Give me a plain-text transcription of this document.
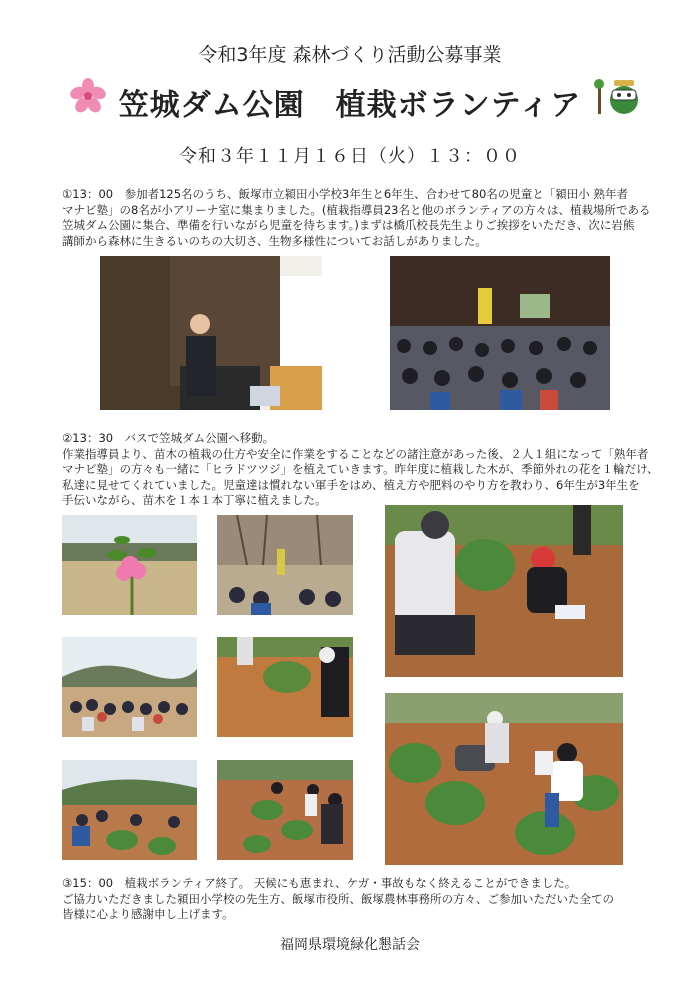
令和3年度 森林づくり活動公募事業
笠城ダム公園　植栽ボランティア
令和３年１１月１６日（火）１３：００
①13：00　参加者125名のうち、飯塚市立潁田小学校3年生と6年生、合わせて80名の児童と「潁田小 熟年者
マナビ塾」の8名が小アリーナ室に集まりました。(植栽指導員23名と他のボランティアの方々は、植栽場所である
笠城ダム公園に集合、準備を行いながら児童を待ちます。)まずは橋爪校長先生よりご挨拶をいただき、次に岩熊
講師から森林に生きるいのちの大切さ、生物多様性についてお話しがありました。
②13：30　バスで笠城ダム公園へ移動。
作業指導員より、苗木の植栽の仕方や安全に作業をすることなどの諸注意があった後、２人１組になって「熟年者
マナビ塾」の方々も一緒に「ヒラドツツジ」を植えていきます。昨年度に植栽した木が、季節外れの花を１輪だけ、
私達に見せてくれていました。児童達は慣れない軍手をはめ、植え方や肥料のやり方を教わり、6年生が3年生を
手伝いながら、苗木を１本１本丁寧に植えました。
③15：00　植栽ボランティア終了。 天候にも恵まれ、ケガ・事故もなく終えることができました。
ご協力いただきました潁田小学校の先生方、飯塚市役所、飯塚農林事務所の方々、ご参加いただいた全ての
皆様に心より感謝申し上げます。
福岡県環境緑化懇話会
